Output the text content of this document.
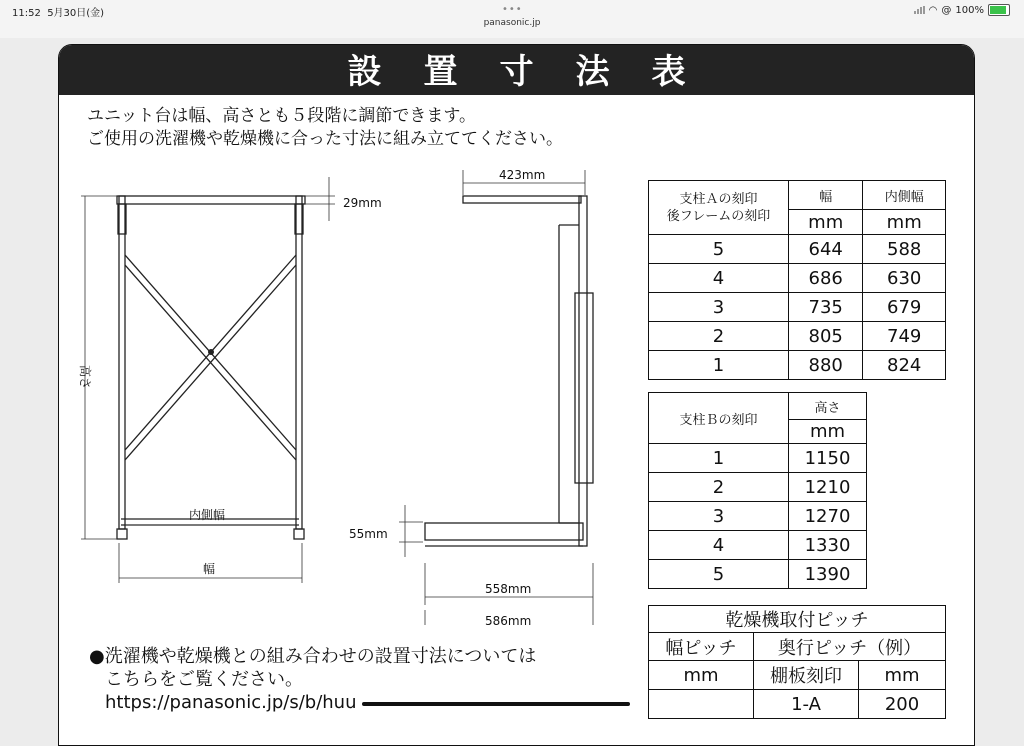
11:52 5月30日(金)	•••
panasonic.jp
◠ @ 100%
設置寸法表
ユニット台は幅、高さとも５段階に調節できます。
ご使用の洗濯機や乾燥機に合った寸法に組み立ててください。
29mm
高さ
内側幅
幅
423mm
55mm
558mm
586mm
支柱Ａの刻印
後フレームの刻印	幅	内側幅
	mm	mm
5	644	588
4	686	630
3	735	679
2	805	749
1	880	824
支柱Ｂの刻印	高さ
	mm
1	1150
2	1210
3	1270
4	1330
5	1390
乾燥機取付ピッチ		
幅ピッチ	奥行ピッチ（例）	
mm	棚板刻印	mm
	1-A	200
●洗濯機や乾燥機との組み合わせの設置寸法については
こちらをご覧ください。
https://panasonic.jp/s/b/huu
